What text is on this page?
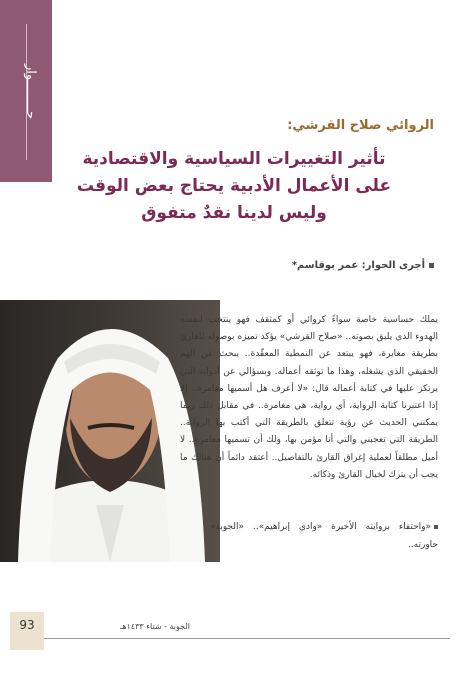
حــــــــوار
الروائي صلاح القرشي:
تأثير التغييرات السياسية والاقتصادية
على الأعمال الأدبية يحتاج بعض الوقت
وليس لدينا نقدٌ متفوق
أجرى الحوار: عمر بوقاسم*
يملك حساسية خاصة سواءً كروائي أو كمثقف فهو ينتخب لنفسه الهدوء الذي يليق بصوته.. «صلاح القرشي» يؤكد تميزه بوصوله للقارئ بطريقة مغايرة، فهو يبتعد عن النمطية المعقّدة.. يبحث عن الهم الحقيقي الذي يشغله، وهذا ما توثقه أعماله. وبسؤالي عن أدواته التي يرتكز عليها في كتابة أعماله قال: «لا أعرف هل أسميها مغامرة.. إلا إذا اعتبرنا كتابة الرواية، أي رواية، هي مغامرة.. في مقابل ذلك ربما يمكنني الحديث عن رؤية تتعلق بالطريقة التي أكتب بها الرواية.. الطريقة التي تعجبني والتي أنا مؤمن بها، ولك أن تسميها مغامرة.. لا أميل مطلقاً لعملية إغراق القارئ بالتفاصيل.. أعتقد دائماً أن هنالك ما يجب أن يترك لخيال القارئ وذكائه.
«واحتفاء بروايته الأخيرة «وادي إبراهيم».. «الجوبة» حاورته..
93	الجوبة - شتاء ١٤٣٣هـ
